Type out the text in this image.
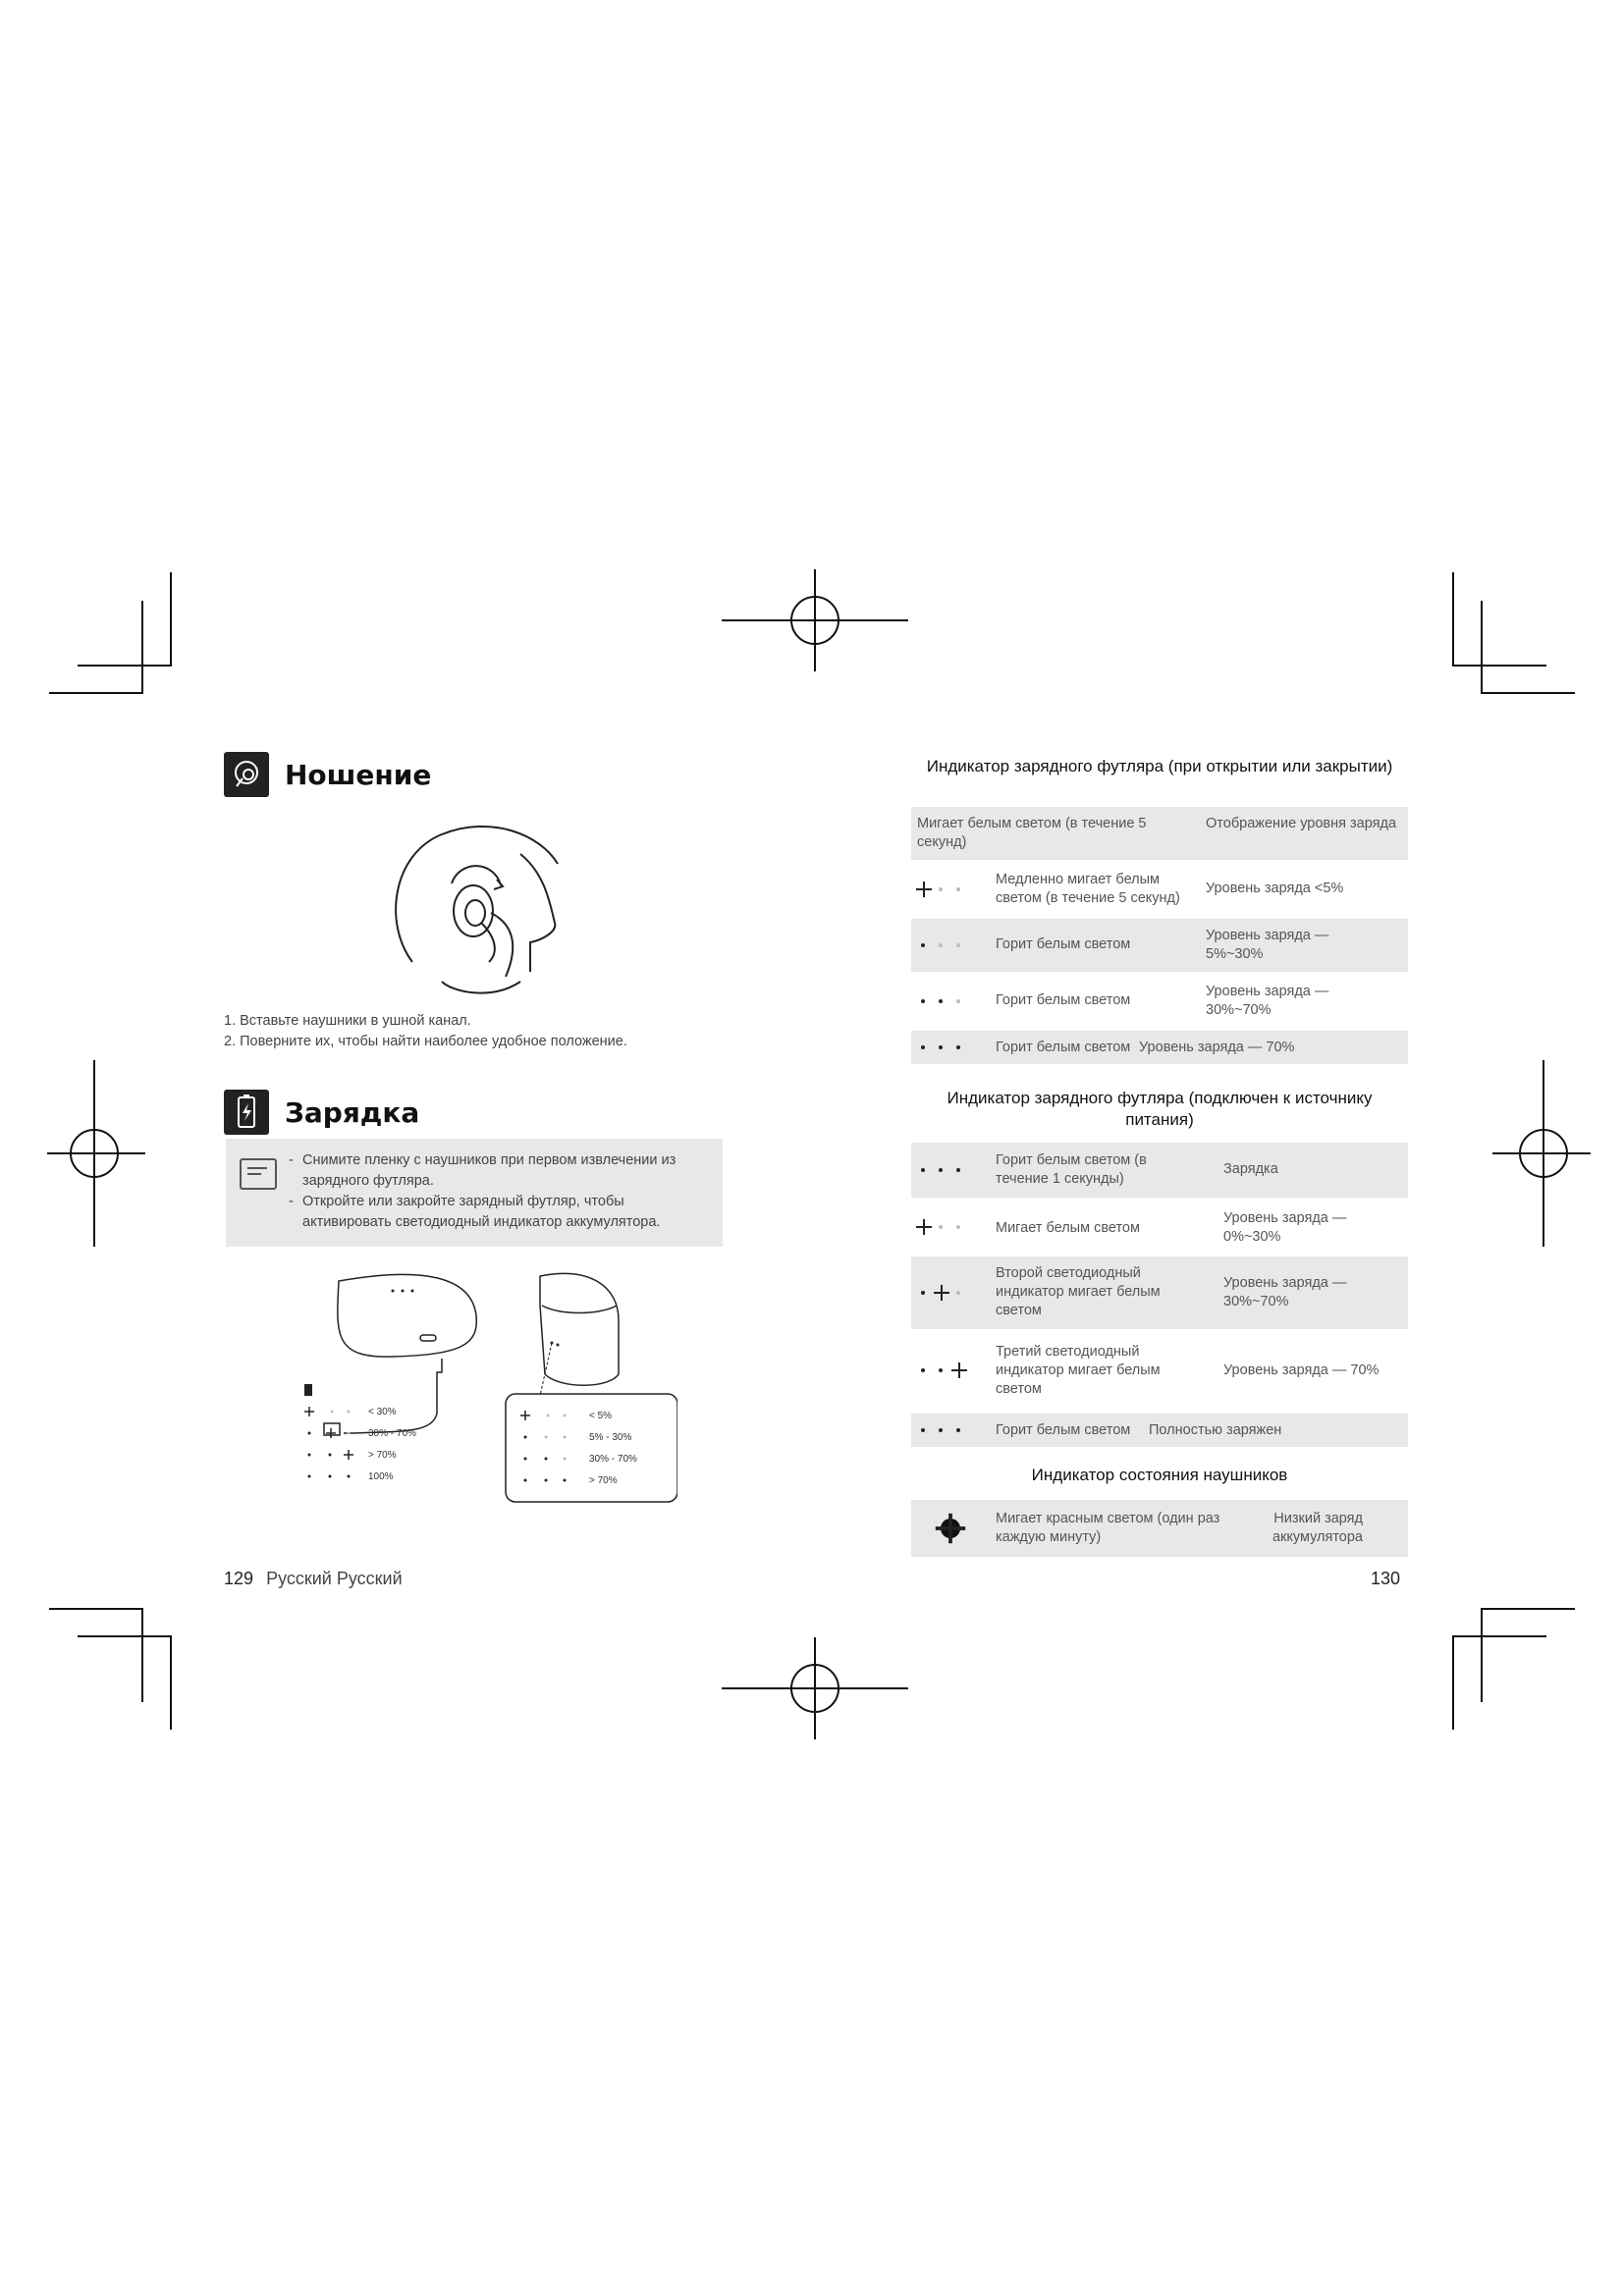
Ношение
1. Вставьте наушники в ушной канал.
2. Поверните их, чтобы найти наиболее удобное положение.
Зарядка
- Снимите пленку с наушников при первом извлечении из зарядного футляра.
- Откройте или закройте зарядный футляр, чтобы активировать светодиодный индикатор аккумулятора.
< 30%
30% - 70%
> 70%
100%
< 5%
5% - 30%
30% - 70%
> 70%
129 Русский Русский
Индикатор зарядного футляра (при открытии или закрытии)
Мигает белым светом (в течение 5 секунд)
Отображение уровня заряда
Медленно мигает белым светом (в течение 5 секунд)
Уровень заряда <5%
Горит белым светом
Уровень заряда — 5%~30%
Горит белым светом
Уровень заряда — 30%~70%
Горит белым светом Уровень заряда — 70%
Индикатор зарядного футляра (подключен к источнику питания)
Горит белым светом (в течение 1 секунды)
Зарядка
Мигает белым светом
Уровень заряда — 0%~30%
Второй светодиодный индикатор мигает белым светом
Уровень заряда — 30%~70%
Третий светодиодный индикатор мигает белым светом
Уровень заряда — 70%
Горит белым светом	Полностью заряжен
Индикатор состояния наушников
Мигает красным светом (один раз каждую минуту)
Низкий заряд аккумулятора
130
